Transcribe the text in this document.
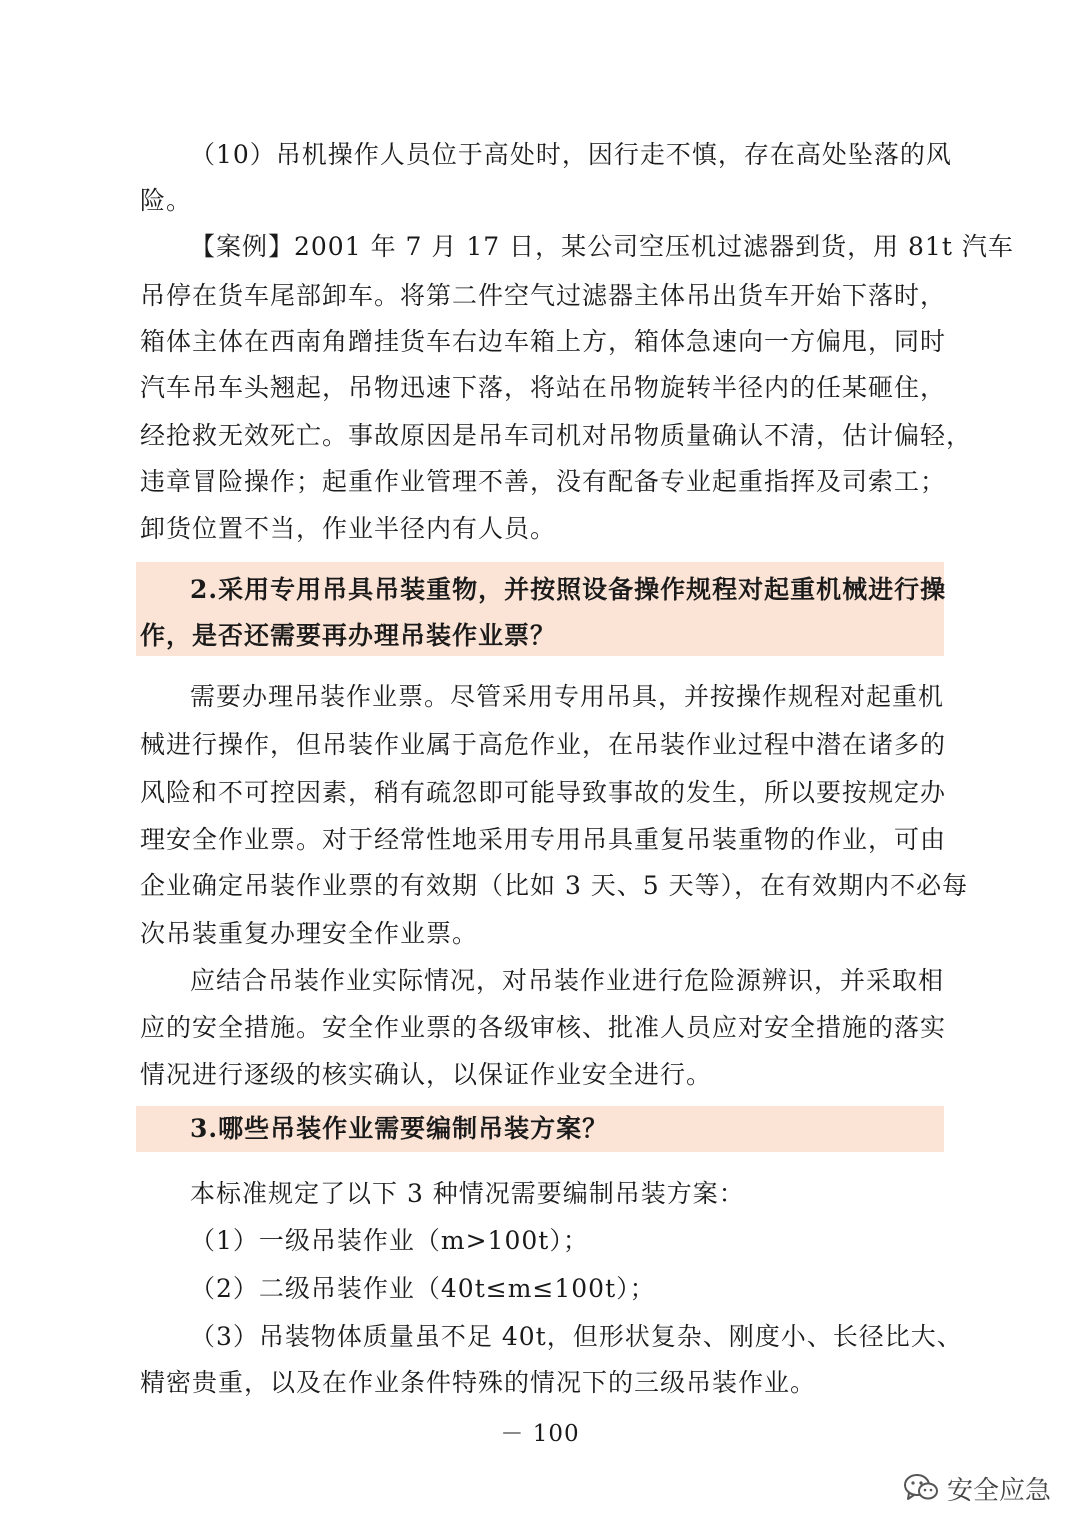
（10）吊机操作人员位于高处时，因行走不慎，存在高处坠落的风
险。
【案例】2001 年 7 月 17 日，某公司空压机过滤器到货，用 81t 汽车
吊停在货车尾部卸车。将第二件空气过滤器主体吊出货车开始下落时，
箱体主体在西南角蹭挂货车右边车箱上方，箱体急速向一方偏甩，同时
汽车吊车头翘起，吊物迅速下落，将站在吊物旋转半径内的任某砸住，
经抢救无效死亡。事故原因是吊车司机对吊物质量确认不清，估计偏轻，
违章冒险操作；起重作业管理不善，没有配备专业起重指挥及司索工；
卸货位置不当，作业半径内有人员。
2.采用专用吊具吊装重物，并按照设备操作规程对起重机械进行操
作，是否还需要再办理吊装作业票？
需要办理吊装作业票。尽管采用专用吊具，并按操作规程对起重机
械进行操作，但吊装作业属于高危作业，在吊装作业过程中潜在诸多的
风险和不可控因素，稍有疏忽即可能导致事故的发生，所以要按规定办
理安全作业票。对于经常性地采用专用吊具重复吊装重物的作业，可由
企业确定吊装作业票的有效期（比如 3 天、5 天等），在有效期内不必每
次吊装重复办理安全作业票。
应结合吊装作业实际情况，对吊装作业进行危险源辨识，并采取相
应的安全措施。安全作业票的各级审核、批准人员应对安全措施的落实
情况进行逐级的核实确认，以保证作业安全进行。
3.哪些吊装作业需要编制吊装方案？
本标准规定了以下 3 种情况需要编制吊装方案：
（1）一级吊装作业（m>100t）；
（2）二级吊装作业（40t≤m≤100t）；
（3）吊装物体质量虽不足 40t，但形状复杂、刚度小、长径比大、
精密贵重，以及在作业条件特殊的情况下的三级吊装作业。
－ 100
安全应急
